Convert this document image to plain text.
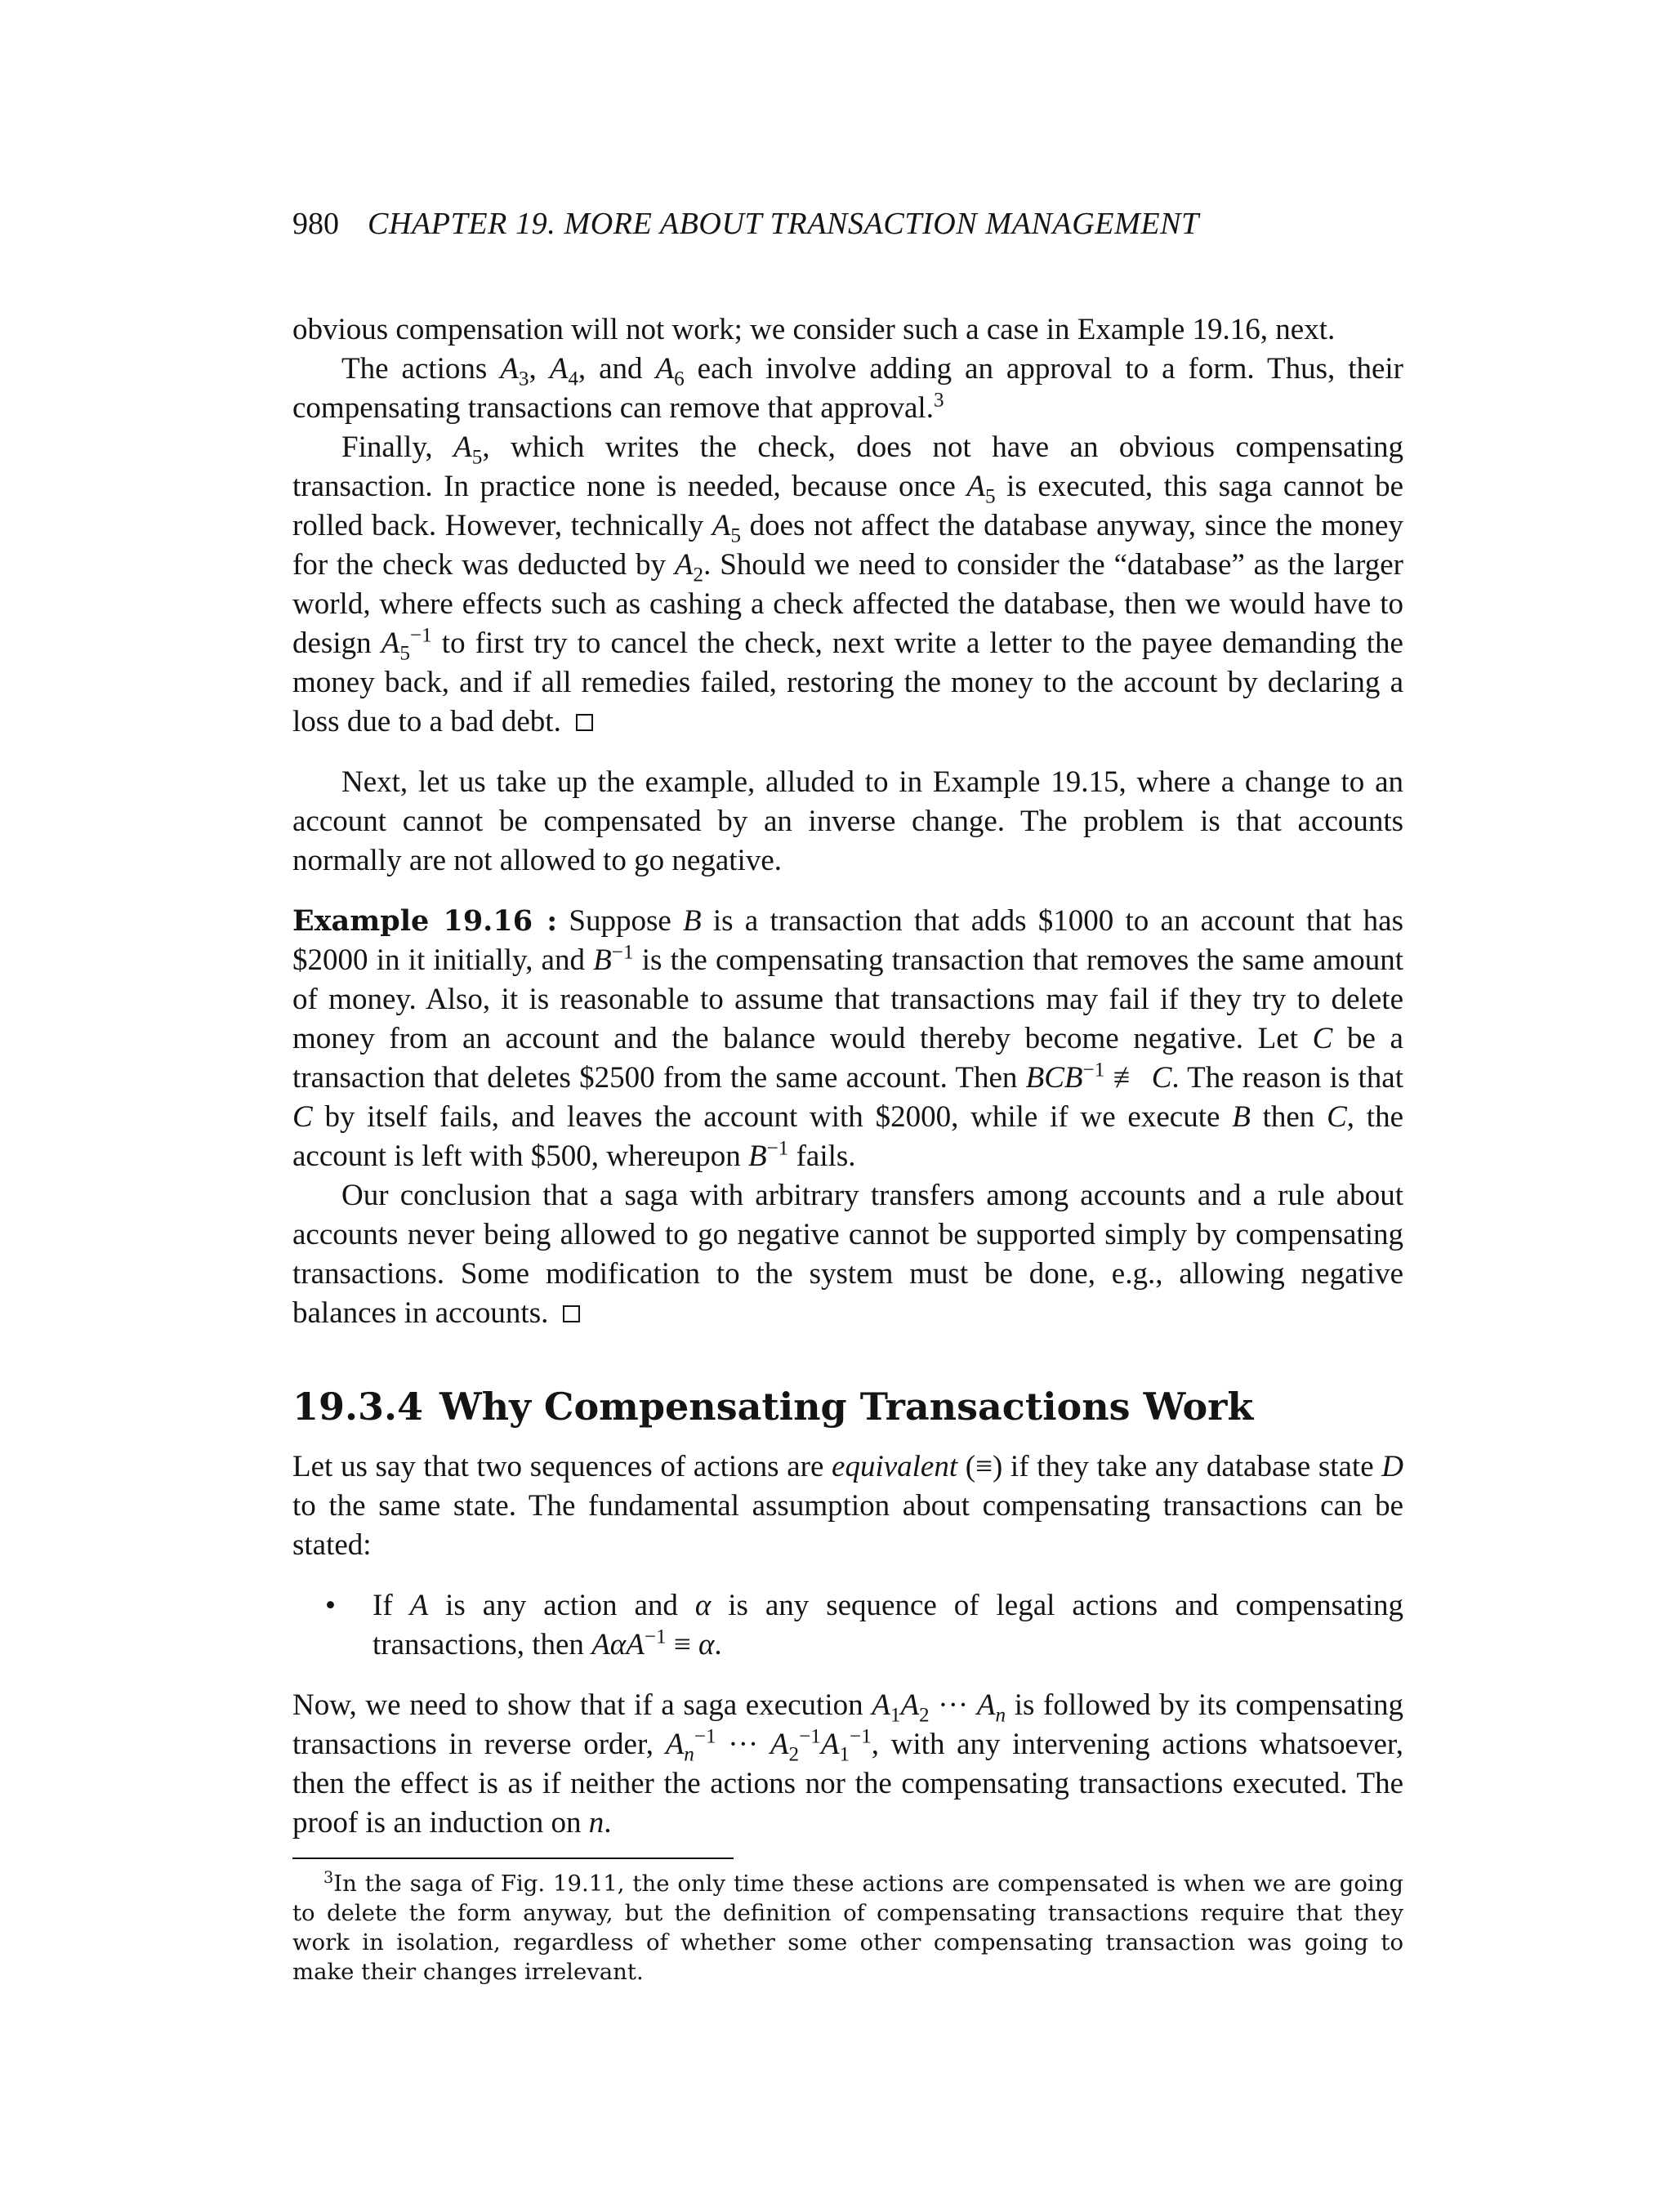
980 CHAPTER 19. MORE ABOUT TRANSACTION MANAGEMENT

obvious compensation will not work; we consider such a case in Example 19.16, next.

The actions $A_3$, $A_4$, and $A_6$ each involve adding an approval to a form. Thus, their compensating transactions can remove that approval.$^3$

Finally, $A_5$, which writes the check, does not have an obvious compensating transaction. In practice none is needed, because once $A_5$ is executed, this saga cannot be rolled back. However, technically $A_5$ does not affect the database anyway, since the money for the check was deducted by $A_2$. Should we need to consider the “database” as the larger world, where effects such as cashing a check affected the database, then we would have to design $A_5^{-1}$ to first try to cancel the check, next write a letter to the payee demanding the money back, and if all remedies failed, restoring the money to the account by declaring a loss due to a bad debt.

Next, let us take up the example, alluded to in Example 19.15, where a change to an account cannot be compensated by an inverse change. The problem is that accounts normally are not allowed to go negative.

Example 19.16 : Suppose B is a transaction that adds $1000 to an account that has $2000 in it initially, and $B^{-1}$ is the compensating transaction that removes the same amount of money. Also, it is reasonable to assume that transactions may fail if they try to delete money from an account and the balance would thereby become negative. Let C be a transaction that deletes $2500 from the same account. Then $BCB^{-1}$ ≢ C. The reason is that C by itself fails, and leaves the account with $2000, while if we execute B then C, the account is left with $500, whereupon $B^{-1}$ fails.

Our conclusion that a saga with arbitrary transfers among accounts and a rule about accounts never being allowed to go negative cannot be supported simply by compensating transactions. Some modification to the system must be done, e.g., allowing negative balances in accounts.

19.3.4 Why Compensating Transactions Work

Let us say that two sequences of actions are equivalent (≡) if they take any database state D to the same state. The fundamental assumption about compensating transactions can be stated:

• If A is any action and α is any sequence of legal actions and compensating transactions, then AαA$^{-1}$ ≡ α.

Now, we need to show that if a saga execution $A_1A_2$ ··· $A_n$ is followed by its compensating transactions in reverse order, $A_n^{-1}$ ··· $A_2^{-1}A_1^{-1}$, with any intervening actions whatsoever, then the effect is as if neither the actions nor the compensating transactions executed. The proof is an induction on n.

$^3$In the saga of Fig. 19.11, the only time these actions are compensated is when we are going to delete the form anyway, but the definition of compensating transactions require that they work in isolation, regardless of whether some other compensating transaction was going to make their changes irrelevant.
